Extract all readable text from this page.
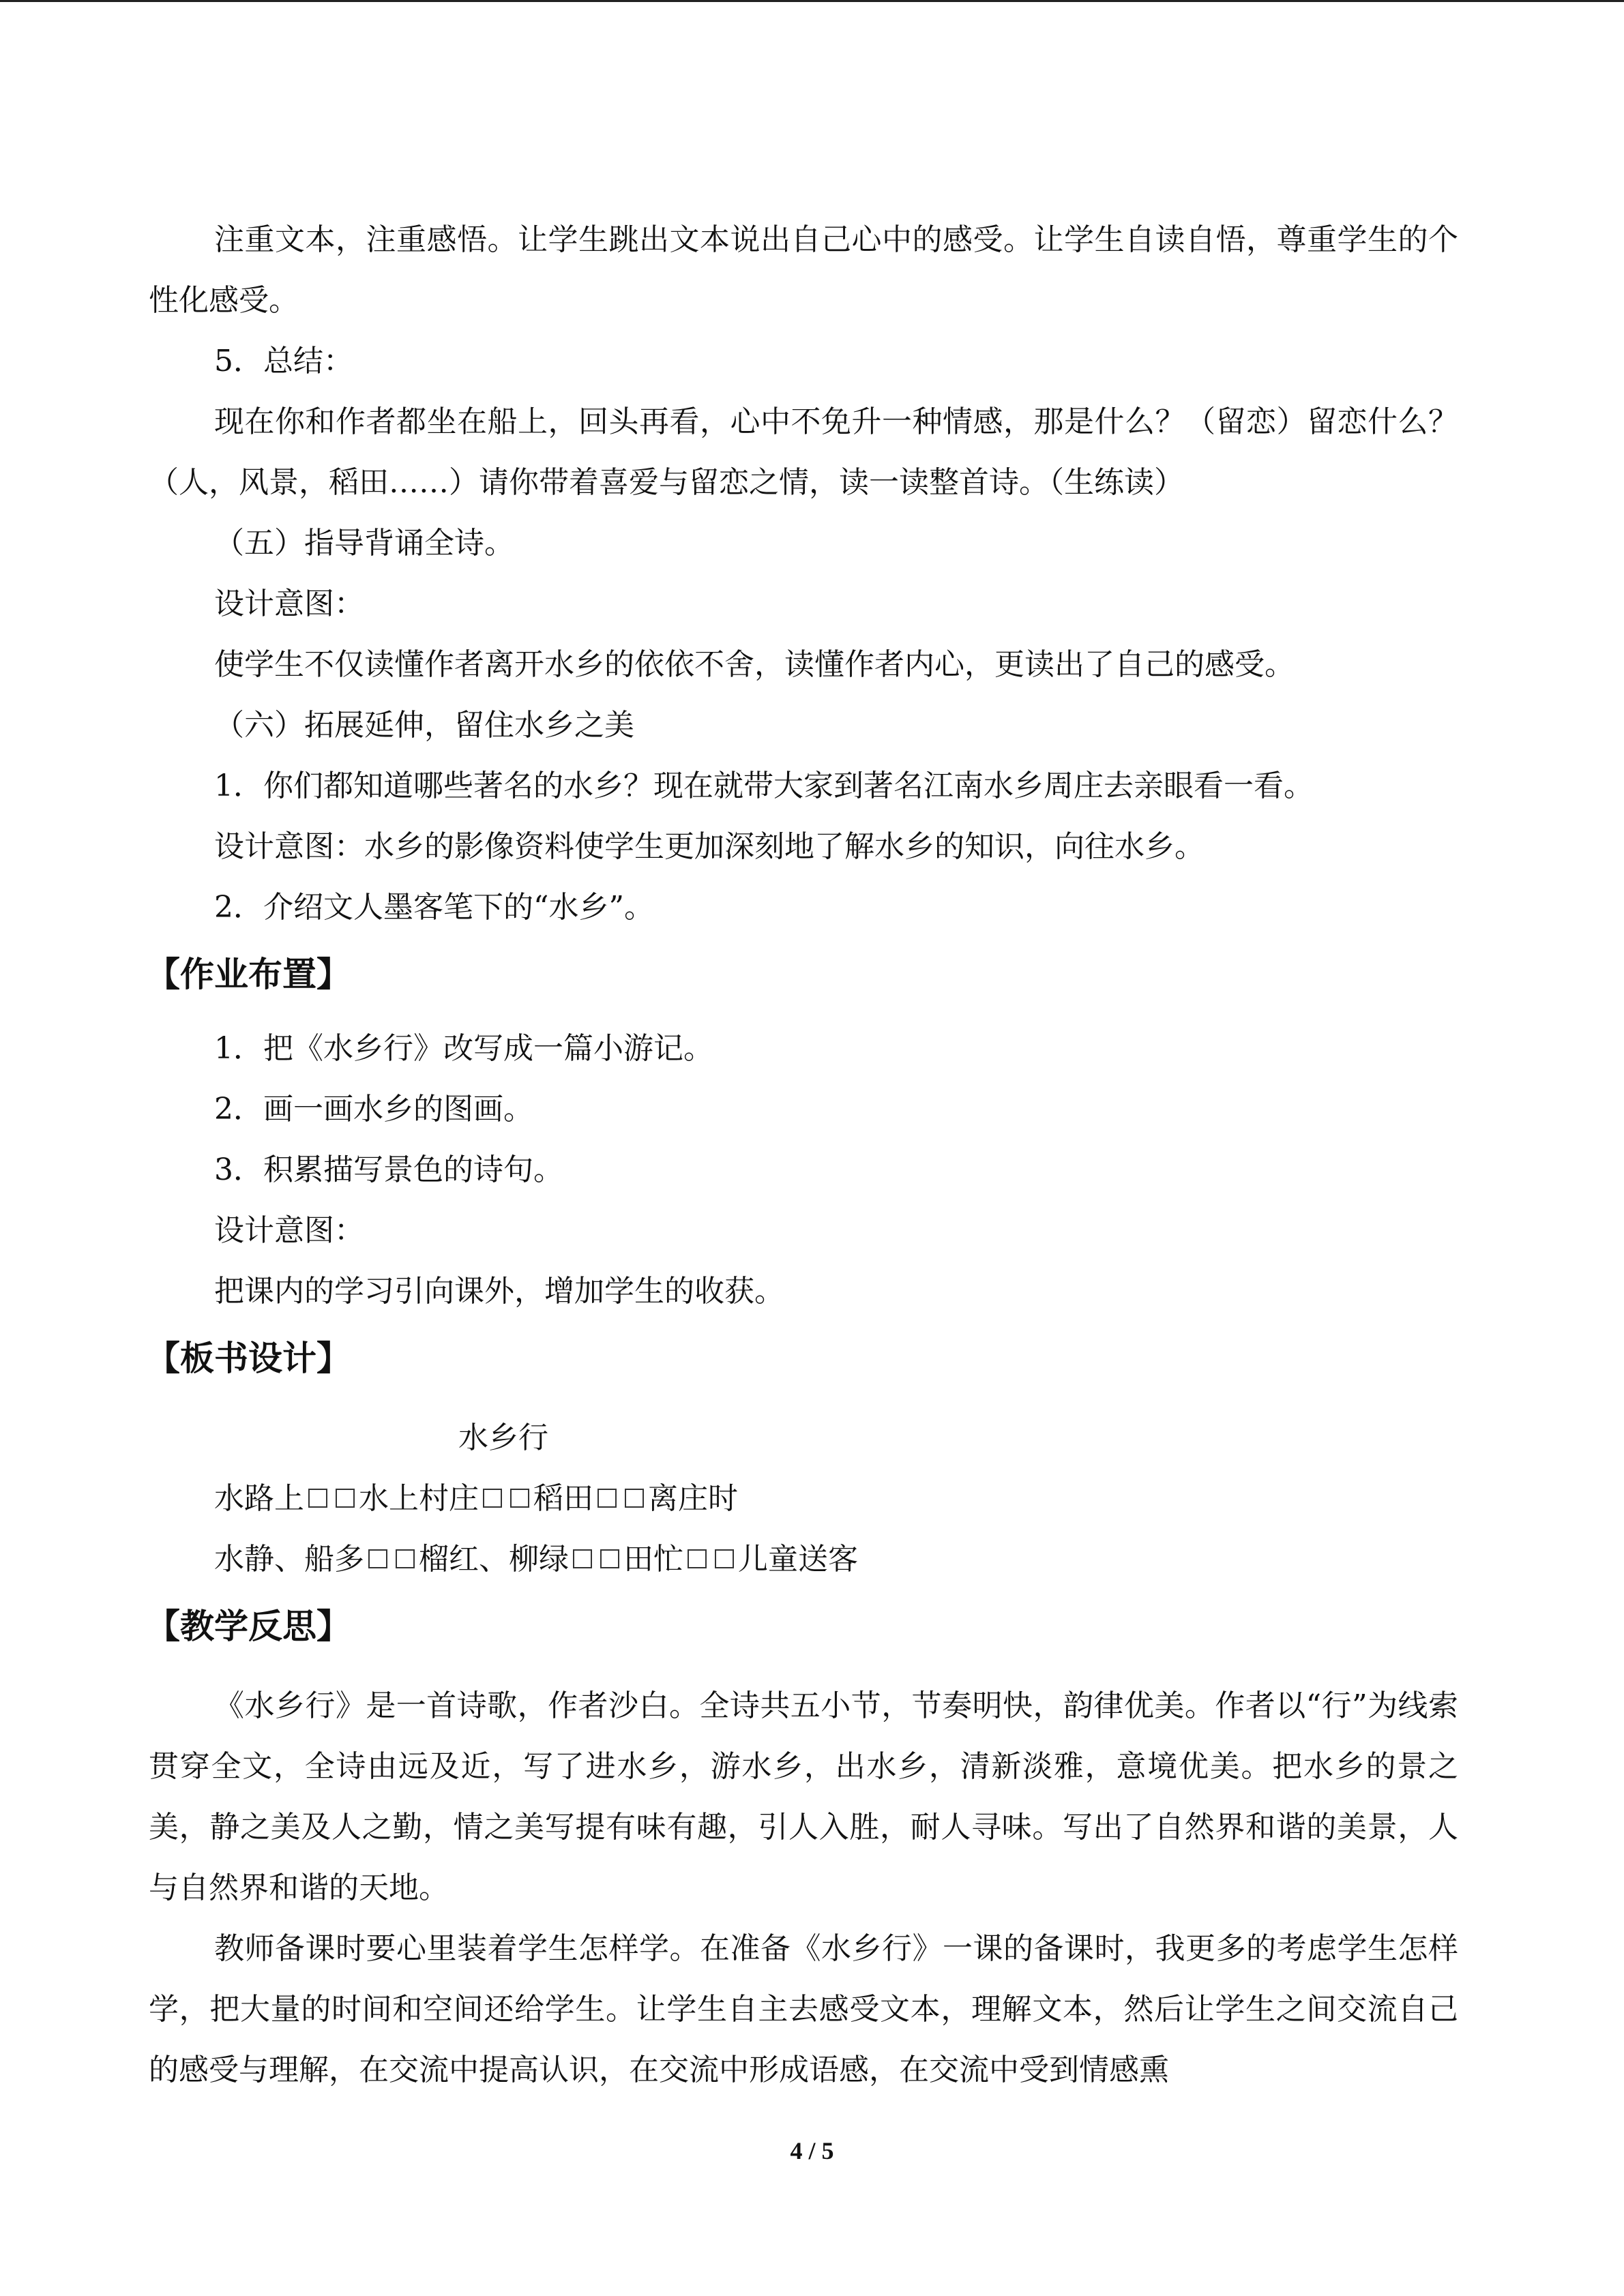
注重文本，注重感悟。让学生跳出文本说出自己心中的感受。让学生自读自悟，尊重学生的个性化感受。
5．总结：
现在你和作者都坐在船上，回头再看，心中不免升一种情感，那是什么？（留恋）留恋什么？（人，风景，稻田……）请你带着喜爱与留恋之情，读一读整首诗。（生练读）
（五）指导背诵全诗。
设计意图：
使学生不仅读懂作者离开水乡的依依不舍，读懂作者内心，更读出了自己的感受。
（六）拓展延伸，留住水乡之美
1．你们都知道哪些著名的水乡？现在就带大家到著名江南水乡周庄去亲眼看一看。
设计意图：水乡的影像资料使学生更加深刻地了解水乡的知识，向往水乡。
2．介绍文人墨客笔下的“水乡”。
【作业布置】
1．把《水乡行》改写成一篇小游记。
2．画一画水乡的图画。
3．积累描写景色的诗句。
设计意图：
把课内的学习引向课外，增加学生的收获。
【板书设计】
水乡行
水路上 水上村庄 稻田 离庄时
水静、船多 榴红、柳绿 田忙 儿童送客
【教学反思】
《水乡行》是一首诗歌，作者沙白。全诗共五小节，节奏明快，韵律优美。作者以“行”为线索贯穿全文，全诗由远及近，写了进水乡，游水乡，出水乡，清新淡雅，意境优美。把水乡的景之美，静之美及人之勤，情之美写提有味有趣，引人入胜，耐人寻味。写出了自然界和谐的美景，人与自然界和谐的天地。
教师备课时要心里装着学生怎样学。在准备《水乡行》一课的备课时，我更多的考虑学生怎样学，把大量的时间和空间还给学生。让学生自主去感受文本，理解文本，然后让学生之间交流自己的感受与理解，在交流中提高认识，在交流中形成语感，在交流中受到情感熏
4 / 5
